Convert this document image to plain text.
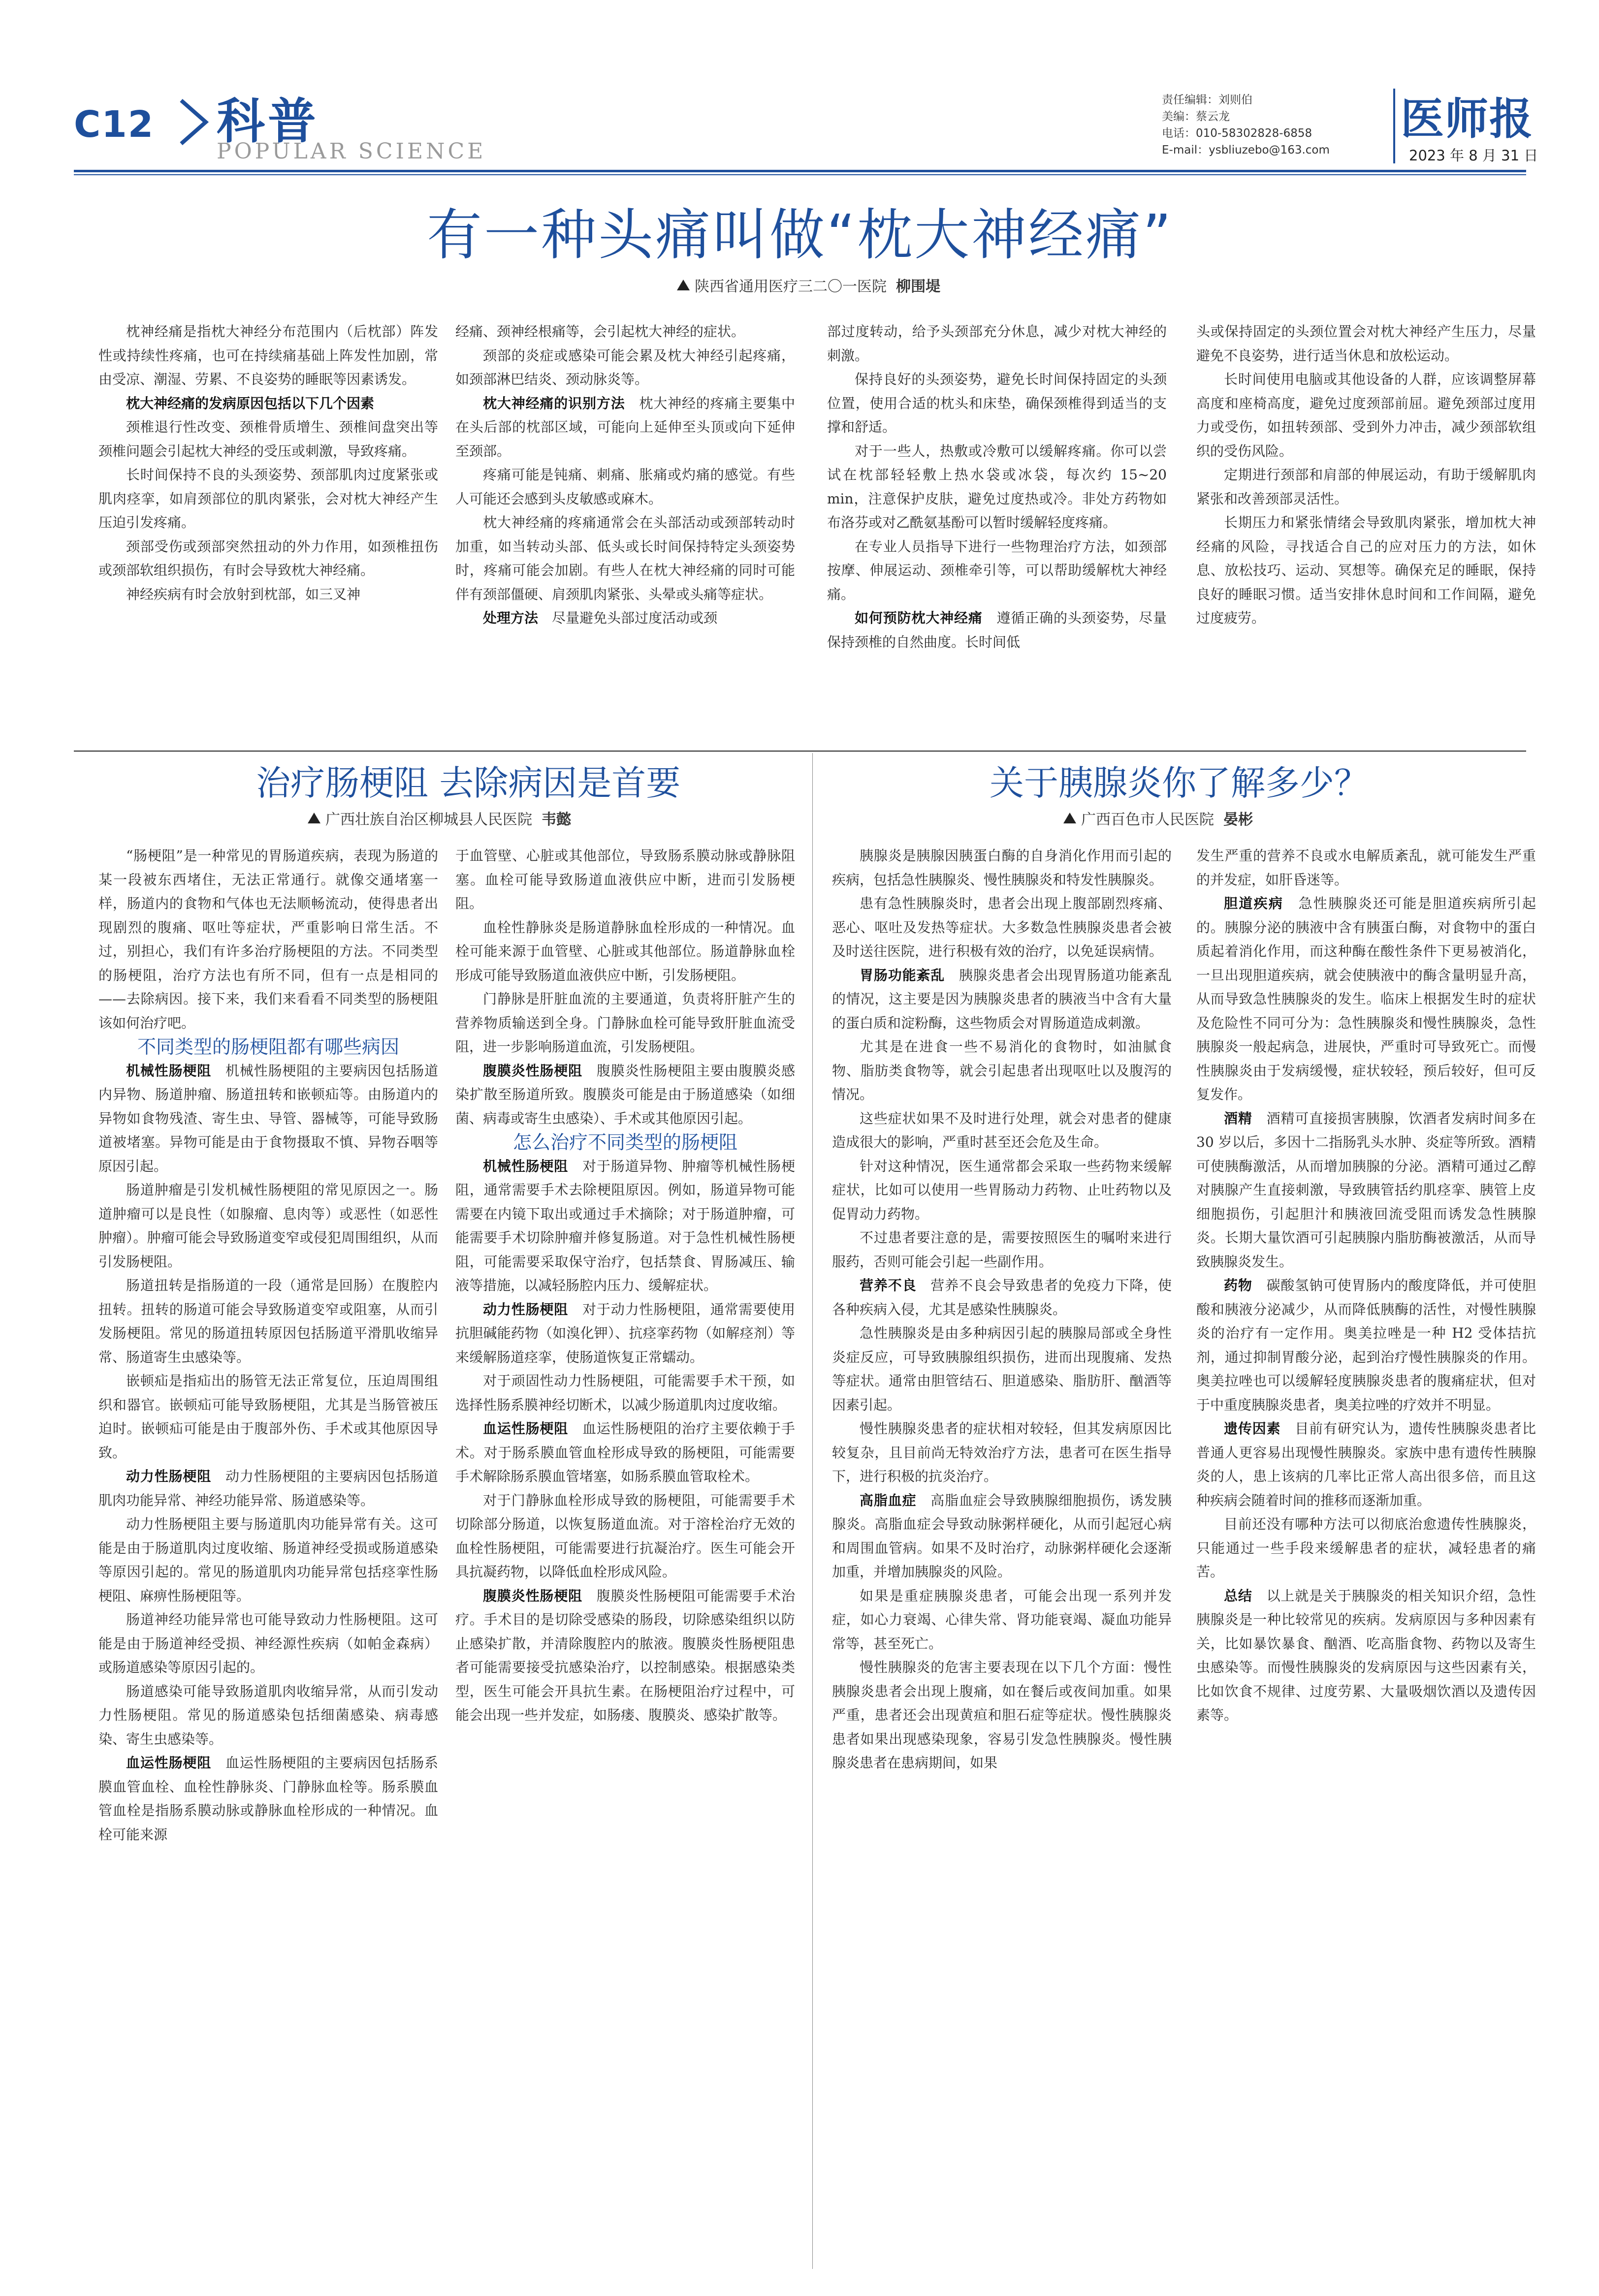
C12 科普
POPULAR SCIENCE
责任编辑：刘则伯
美编：蔡云龙
电话：010-58302828-6858
E-mail：ysbliuzebo@163.com
医师报
2023 年 8 月 31 日
有一种头痛叫做“枕大神经痛”
陕西省通用医疗三二〇一医院 柳围堤

枕神经痛是指枕大神经分布范围内（后枕部）阵发性或持续性疼痛，也可在持续痛基础上阵发性加剧，常由受凉、潮湿、劳累、不良姿势的睡眠等因素诱发。

枕大神经痛的发病原因包括以下几个因素

颈椎退行性改变、颈椎骨质增生、颈椎间盘突出等颈椎问题会引起枕大神经的受压或刺激，导致疼痛。

长时间保持不良的头颈姿势、颈部肌肉过度紧张或肌肉痉挛，如肩颈部位的肌肉紧张，会对枕大神经产生压迫引发疼痛。

颈部受伤或颈部突然扭动的外力作用，如颈椎扭伤或颈部软组织损伤，有时会导致枕大神经痛。

神经疾病有时会放射到枕部，如三叉神

经痛、颈神经根痛等，会引起枕大神经的症状。

颈部的炎症或感染可能会累及枕大神经引起疼痛，如颈部淋巴结炎、颈动脉炎等。

枕大神经痛的识别方法　枕大神经的疼痛主要集中在头后部的枕部区域，可能向上延伸至头顶或向下延伸至颈部。

疼痛可能是钝痛、刺痛、胀痛或灼痛的感觉。有些人可能还会感到头皮敏感或麻木。

枕大神经痛的疼痛通常会在头部活动或颈部转动时加重，如当转动头部、低头或长时间保持特定头颈姿势时，疼痛可能会加剧。有些人在枕大神经痛的同时可能伴有颈部僵硬、肩颈肌肉紧张、头晕或头痛等症状。

处理方法　尽量避免头部过度活动或颈

部过度转动，给予头颈部充分休息，减少对枕大神经的刺激。

保持良好的头颈姿势，避免长时间保持固定的头颈位置，使用合适的枕头和床垫，确保颈椎得到适当的支撑和舒适。

对于一些人，热敷或冷敷可以缓解疼痛。你可以尝试在枕部轻轻敷上热水袋或冰袋，每次约 15~20 min，注意保护皮肤，避免过度热或冷。非处方药物如布洛芬或对乙酰氨基酚可以暂时缓解轻度疼痛。

在专业人员指导下进行一些物理治疗方法，如颈部按摩、伸展运动、颈椎牵引等，可以帮助缓解枕大神经痛。

如何预防枕大神经痛　遵循正确的头颈姿势，尽量保持颈椎的自然曲度。长时间低

头或保持固定的头颈位置会对枕大神经产生压力，尽量避免不良姿势，进行适当休息和放松运动。

长时间使用电脑或其他设备的人群，应该调整屏幕高度和座椅高度，避免过度颈部前屈。避免颈部过度用力或受伤，如扭转颈部、受到外力冲击，减少颈部软组织的受伤风险。

定期进行颈部和肩部的伸展运动，有助于缓解肌肉紧张和改善颈部灵活性。

长期压力和紧张情绪会导致肌肉紧张，增加枕大神经痛的风险，寻找适合自己的应对压力的方法，如休息、放松技巧、运动、冥想等。确保充足的睡眠，保持良好的睡眠习惯。适当安排休息时间和工作间隔，避免过度疲劳。

治疗肠梗阻 去除病因是首要
广西壮族自治区柳城县人民医院 韦懿

“肠梗阻”是一种常见的胃肠道疾病，表现为肠道的某一段被东西堵住，无法正常通行。就像交通堵塞一样，肠道内的食物和气体也无法顺畅流动，使得患者出现剧烈的腹痛、呕吐等症状，严重影响日常生活。不过，别担心，我们有许多治疗肠梗阻的方法。不同类型的肠梗阻，治疗方法也有所不同，但有一点是相同的——去除病因。接下来，我们来看看不同类型的肠梗阻该如何治疗吧。

不同类型的肠梗阻都有哪些病因

机械性肠梗阻　机械性肠梗阻的主要病因包括肠道内异物、肠道肿瘤、肠道扭转和嵌顿疝等。由肠道内的异物如食物残渣、寄生虫、导管、器械等，可能导致肠道被堵塞。异物可能是由于食物摄取不慎、异物吞咽等原因引起。

肠道肿瘤是引发机械性肠梗阻的常见原因之一。肠道肿瘤可以是良性（如腺瘤、息肉等）或恶性（如恶性肿瘤）。肿瘤可能会导致肠道变窄或侵犯周围组织，从而引发肠梗阻。

肠道扭转是指肠道的一段（通常是回肠）在腹腔内扭转。扭转的肠道可能会导致肠道变窄或阻塞，从而引发肠梗阻。常见的肠道扭转原因包括肠道平滑肌收缩异常、肠道寄生虫感染等。

嵌顿疝是指疝出的肠管无法正常复位，压迫周围组织和器官。嵌顿疝可能导致肠梗阻，尤其是当肠管被压迫时。嵌顿疝可能是由于腹部外伤、手术或其他原因导致。

动力性肠梗阻　动力性肠梗阻的主要病因包括肠道肌肉功能异常、神经功能异常、肠道感染等。

动力性肠梗阻主要与肠道肌肉功能异常有关。这可能是由于肠道肌肉过度收缩、肠道神经受损或肠道感染等原因引起的。常见的肠道肌肉功能异常包括痉挛性肠梗阻、麻痹性肠梗阻等。

肠道神经功能异常也可能导致动力性肠梗阻。这可能是由于肠道神经受损、神经源性疾病（如帕金森病）或肠道感染等原因引起的。

肠道感染可能导致肠道肌肉收缩异常，从而引发动力性肠梗阻。常见的肠道感染包括细菌感染、病毒感染、寄生虫感染等。

血运性肠梗阻　血运性肠梗阻的主要病因包括肠系膜血管血栓、血栓性静脉炎、门静脉血栓等。肠系膜血管血栓是指肠系膜动脉或静脉血栓形成的一种情况。血栓可能来源

于血管壁、心脏或其他部位，导致肠系膜动脉或静脉阻塞。血栓可能导致肠道血液供应中断，进而引发肠梗阻。

血栓性静脉炎是肠道静脉血栓形成的一种情况。血栓可能来源于血管壁、心脏或其他部位。肠道静脉血栓形成可能导致肠道血液供应中断，引发肠梗阻。

门静脉是肝脏血流的主要通道，负责将肝脏产生的营养物质输送到全身。门静脉血栓可能导致肝脏血流受阻，进一步影响肠道血流，引发肠梗阻。

腹膜炎性肠梗阻　腹膜炎性肠梗阻主要由腹膜炎感染扩散至肠道所致。腹膜炎可能是由于肠道感染（如细菌、病毒或寄生虫感染）、手术或其他原因引起。

怎么治疗不同类型的肠梗阻

机械性肠梗阻　对于肠道异物、肿瘤等机械性肠梗阻，通常需要手术去除梗阻原因。例如，肠道异物可能需要在内镜下取出或通过手术摘除；对于肠道肿瘤，可能需要手术切除肿瘤并修复肠道。对于急性机械性肠梗阻，可能需要采取保守治疗，包括禁食、胃肠减压、输液等措施，以减轻肠腔内压力、缓解症状。

动力性肠梗阻　对于动力性肠梗阻，通常需要使用抗胆碱能药物（如溴化钾）、抗痉挛药物（如解痉剂）等来缓解肠道痉挛，使肠道恢复正常蠕动。

对于顽固性动力性肠梗阻，可能需要手术干预，如选择性肠系膜神经切断术，以减少肠道肌肉过度收缩。

血运性肠梗阻　血运性肠梗阻的治疗主要依赖于手术。对于肠系膜血管血栓形成导致的肠梗阻，可能需要手术解除肠系膜血管堵塞，如肠系膜血管取栓术。

对于门静脉血栓形成导致的肠梗阻，可能需要手术切除部分肠道，以恢复肠道血流。对于溶栓治疗无效的血栓性肠梗阻，可能需要进行抗凝治疗。医生可能会开具抗凝药物，以降低血栓形成风险。

腹膜炎性肠梗阻　腹膜炎性肠梗阻可能需要手术治疗。手术目的是切除受感染的肠段，切除感染组织以防止感染扩散，并清除腹腔内的脓液。腹膜炎性肠梗阻患者可能需要接受抗感染治疗，以控制感染。根据感染类型，医生可能会开具抗生素。在肠梗阻治疗过程中，可能会出现一些并发症，如肠瘘、腹膜炎、感染扩散等。

关于胰腺炎你了解多少？
广西百色市人民医院 晏彬

胰腺炎是胰腺因胰蛋白酶的自身消化作用而引起的疾病，包括急性胰腺炎、慢性胰腺炎和特发性胰腺炎。

患有急性胰腺炎时，患者会出现上腹部剧烈疼痛、恶心、呕吐及发热等症状。大多数急性胰腺炎患者会被及时送往医院，进行积极有效的治疗，以免延误病情。

胃肠功能紊乱　胰腺炎患者会出现胃肠道功能紊乱的情况，这主要是因为胰腺炎患者的胰液当中含有大量的蛋白质和淀粉酶，这些物质会对胃肠道造成刺激。

尤其是在进食一些不易消化的食物时，如油腻食物、脂肪类食物等，就会引起患者出现呕吐以及腹泻的情况。

这些症状如果不及时进行处理，就会对患者的健康造成很大的影响，严重时甚至还会危及生命。

针对这种情况，医生通常都会采取一些药物来缓解症状，比如可以使用一些胃肠动力药物、止吐药物以及促胃动力药物。

不过患者要注意的是，需要按照医生的嘱咐来进行服药，否则可能会引起一些副作用。

营养不良　营养不良会导致患者的免疫力下降，使各种疾病入侵，尤其是感染性胰腺炎。

急性胰腺炎是由多种病因引起的胰腺局部或全身性炎症反应，可导致胰腺组织损伤，进而出现腹痛、发热等症状。通常由胆管结石、胆道感染、脂肪肝、酗酒等因素引起。

慢性胰腺炎患者的症状相对较轻，但其发病原因比较复杂，且目前尚无特效治疗方法，患者可在医生指导下，进行积极的抗炎治疗。

高脂血症　高脂血症会导致胰腺细胞损伤，诱发胰腺炎。高脂血症会导致动脉粥样硬化，从而引起冠心病和周围血管病。如果不及时治疗，动脉粥样硬化会逐渐加重，并增加胰腺炎的风险。

如果是重症胰腺炎患者，可能会出现一系列并发症，如心力衰竭、心律失常、肾功能衰竭、凝血功能异常等，甚至死亡。

慢性胰腺炎的危害主要表现在以下几个方面：慢性胰腺炎患者会出现上腹痛，如在餐后或夜间加重。如果严重，患者还会出现黄疸和胆石症等症状。慢性胰腺炎患者如果出现感染现象，容易引发急性胰腺炎。慢性胰腺炎患者在患病期间，如果

发生严重的营养不良或水电解质紊乱，就可能发生严重的并发症，如肝昏迷等。

胆道疾病　急性胰腺炎还可能是胆道疾病所引起的。胰腺分泌的胰液中含有胰蛋白酶，对食物中的蛋白质起着消化作用，而这种酶在酸性条件下更易被消化，一旦出现胆道疾病，就会使胰液中的酶含量明显升高，从而导致急性胰腺炎的发生。临床上根据发生时的症状及危险性不同可分为：急性胰腺炎和慢性胰腺炎，急性胰腺炎一般起病急，进展快，严重时可导致死亡。而慢性胰腺炎由于发病缓慢，症状较轻，预后较好，但可反复发作。

酒精　酒精可直接损害胰腺，饮酒者发病时间多在 30 岁以后，多因十二指肠乳头水肿、炎症等所致。酒精可使胰酶激活，从而增加胰腺的分泌。酒精可通过乙醇对胰腺产生直接刺激，导致胰管括约肌痉挛、胰管上皮细胞损伤，引起胆汁和胰液回流受阻而诱发急性胰腺炎。长期大量饮酒可引起胰腺内脂肪酶被激活，从而导致胰腺炎发生。

药物　碳酸氢钠可使胃肠内的酸度降低，并可使胆酸和胰液分泌减少，从而降低胰酶的活性，对慢性胰腺炎的治疗有一定作用。奥美拉唑是一种 H2 受体拮抗剂，通过抑制胃酸分泌，起到治疗慢性胰腺炎的作用。奥美拉唑也可以缓解轻度胰腺炎患者的腹痛症状，但对于中重度胰腺炎患者，奥美拉唑的疗效并不明显。

遗传因素　目前有研究认为，遗传性胰腺炎患者比普通人更容易出现慢性胰腺炎。家族中患有遗传性胰腺炎的人，患上该病的几率比正常人高出很多倍，而且这种疾病会随着时间的推移而逐渐加重。

目前还没有哪种方法可以彻底治愈遗传性胰腺炎，只能通过一些手段来缓解患者的症状，减轻患者的痛苦。

总结　以上就是关于胰腺炎的相关知识介绍，急性胰腺炎是一种比较常见的疾病。发病原因与多种因素有关，比如暴饮暴食、酗酒、吃高脂食物、药物以及寄生虫感染等。而慢性胰腺炎的发病原因与这些因素有关，比如饮食不规律、过度劳累、大量吸烟饮酒以及遗传因素等。
